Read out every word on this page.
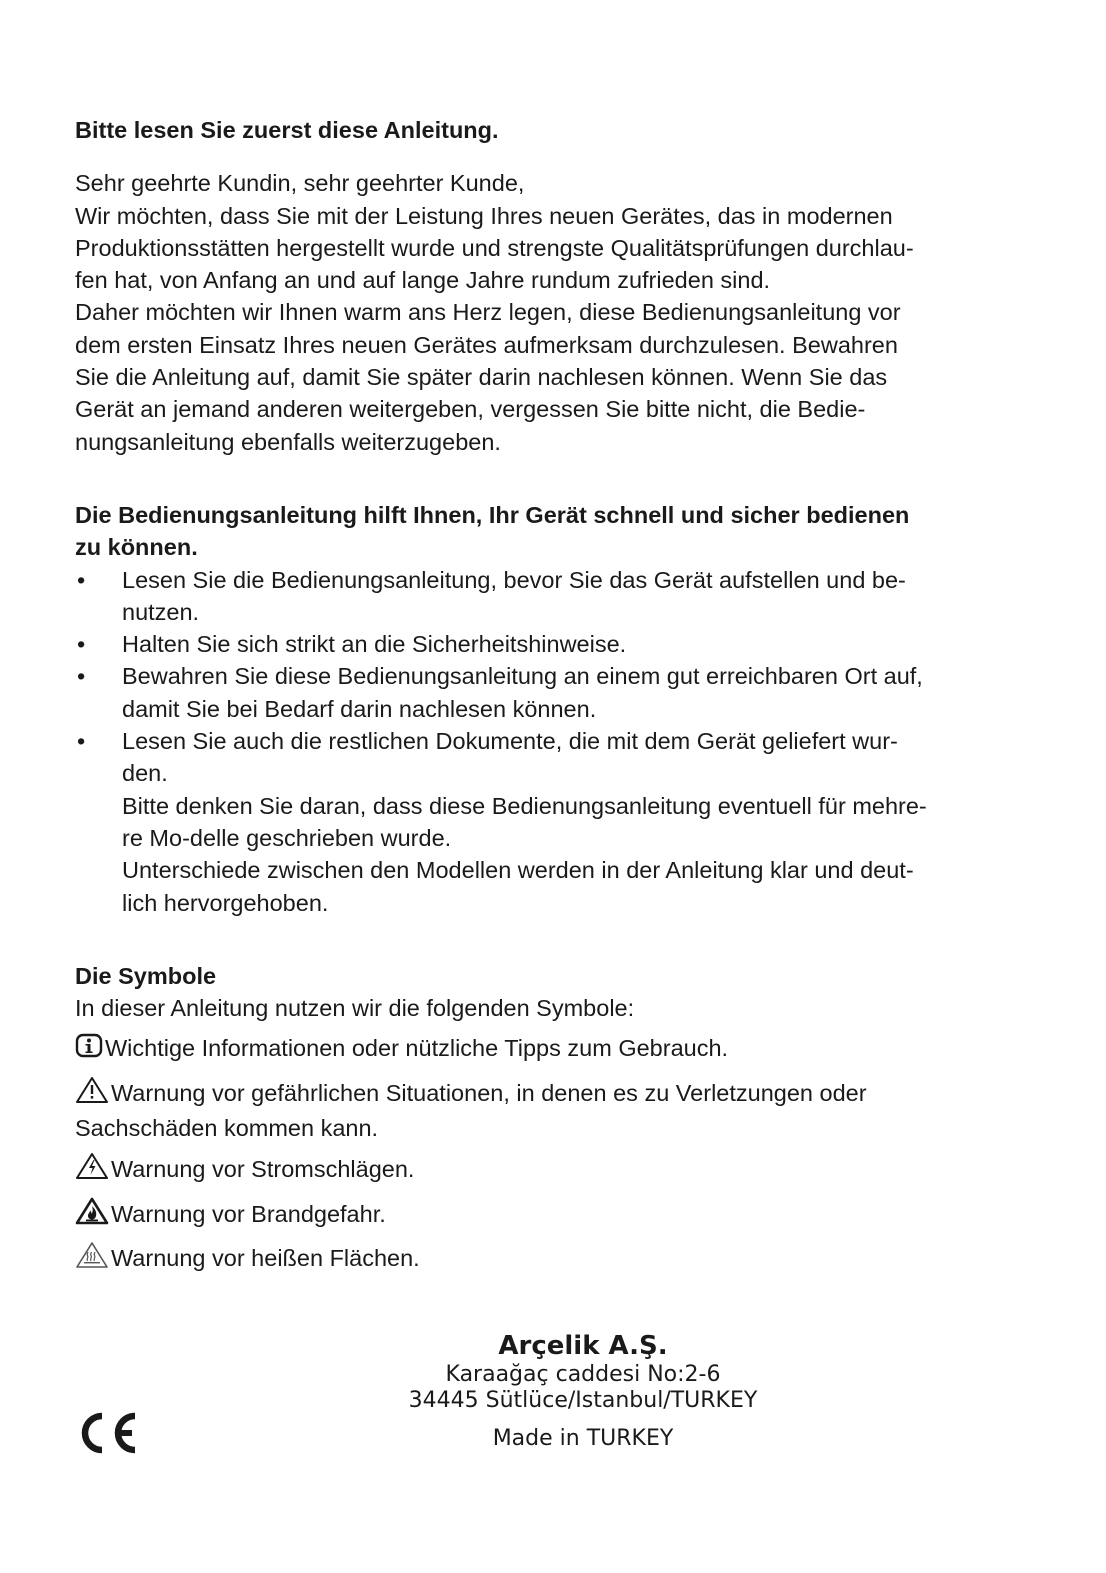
Bitte lesen Sie zuerst diese Anleitung.

Sehr geehrte Kundin, sehr geehrter Kunde,

Wir möchten, dass Sie mit der Leistung Ihres neuen Gerätes, das in modernen

Produktionsstätten hergestellt wurde und strengste Qualitätsprüfungen durchlau-

fen hat, von Anfang an und auf lange Jahre rundum zufrieden sind.

Daher möchten wir Ihnen warm ans Herz legen, diese Bedienungsanleitung vor

dem ersten Einsatz Ihres neuen Gerätes aufmerksam durchzulesen. Bewahren

Sie die Anleitung auf, damit Sie später darin nachlesen können. Wenn Sie das

Gerät an jemand anderen weitergeben, vergessen Sie bitte nicht, die Bedie-

nungsanleitung ebenfalls weiterzugeben.

Die Bedienungsanleitung hilft Ihnen, Ihr Gerät schnell und sicher bedienen

zu können.

• Lesen Sie die Bedienungsanleitung, bevor Sie das Gerät aufstellen und be-

nutzen.

• Halten Sie sich strikt an die Sicherheitshinweise.

• Bewahren Sie diese Bedienungsanleitung an einem gut erreichbaren Ort auf,

damit Sie bei Bedarf darin nachlesen können.

• Lesen Sie auch die restlichen Dokumente, die mit dem Gerät geliefert wur-

den.

Bitte denken Sie daran, dass diese Bedienungsanleitung eventuell für mehre-

re Mo-delle geschrieben wurde.

Unterschiede zwischen den Modellen werden in der Anleitung klar und deut-

lich hervorgehoben.

Die Symbole

In dieser Anleitung nutzen wir die folgenden Symbole:

Wichtige Informationen oder nützliche Tipps zum Gebrauch.

Warnung vor gefährlichen Situationen, in denen es zu Verletzungen oder

Sachschäden kommen kann.

Warnung vor Stromschlägen.

Warnung vor Brandgefahr.

Warnung vor heißen Flächen.

Arçelik A.Ş.
Karaağaç caddesi No:2-6
34445 Sütlüce/Istanbul/TURKEY
Made in TURKEY
